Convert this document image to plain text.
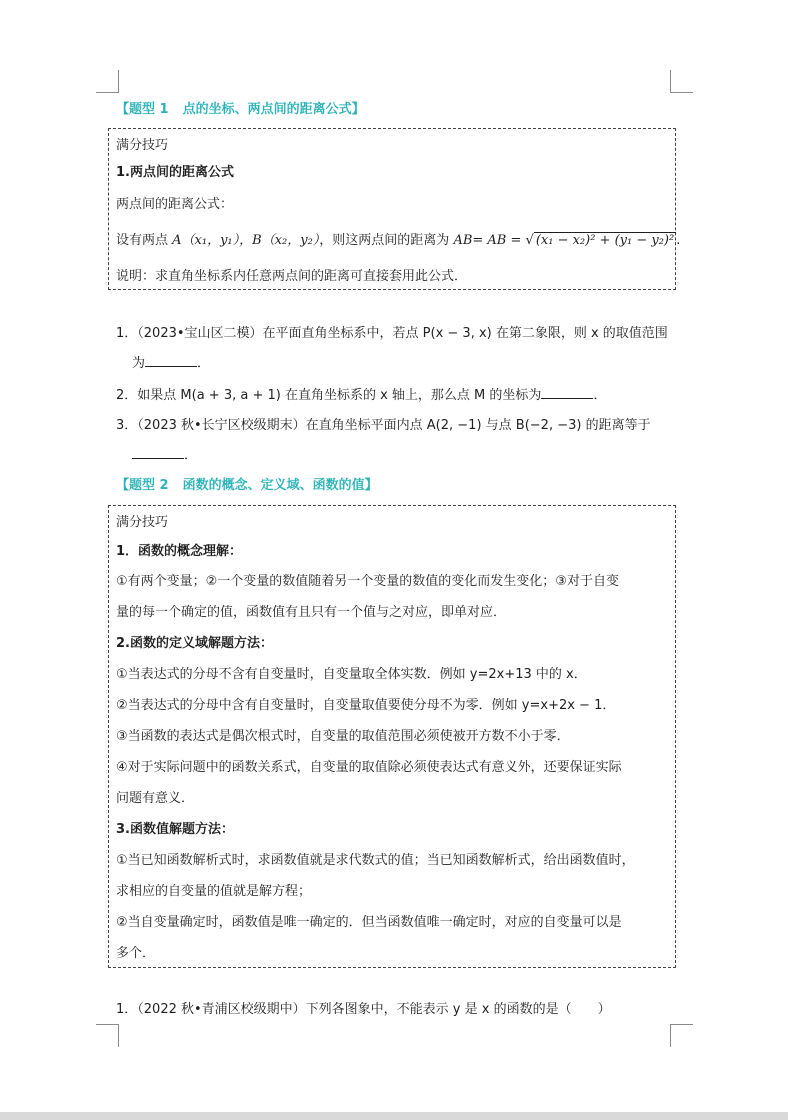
【题型 1 点的坐标、两点间的距离公式】
满分技巧
1.两点间的距离公式
两点间的距离公式：
设有两点 A（x₁，y₁），B（x₂，y₂），则这两点间的距离为 AB= AB = √ (x₁ − x₂)² + (y₁ − y₂)² .
说明：求直角坐标系内任意两点间的距离可直接套用此公式．
1．（2023•宝山区二模）在平面直角坐标系中，若点 P(x − 3, x) 在第二象限，则 x 的取值范围
为	．
2．如果点 M(a + 3, a + 1) 在直角坐标系的 x 轴上，那么点 M 的坐标为	．
3．（2023 秋•长宁区校级期末）在直角坐标平面内点 A(2, −1) 与点 B(−2, −3) 的距离等于
．
【题型 2 函数的概念、定义域、函数的值】
满分技巧
1．函数的概念理解：
①有两个变量；②一个变量的数值随着另一个变量的数值的变化而发生变化；③对于自变
量的每一个确定的值，函数值有且只有一个值与之对应，即单对应．
2.函数的定义域解题方法：
①当表达式的分母不含有自变量时，自变量取全体实数．例如 y=2x+13 中的 x．
②当表达式的分母中含有自变量时，自变量取值要使分母不为零．例如 y=x+2x − 1．
③当函数的表达式是偶次根式时，自变量的取值范围必须使被开方数不小于零．
④对于实际问题中的函数关系式，自变量的取值除必须使表达式有意义外，还要保证实际
问题有意义．
3.函数值解题方法：
①当已知函数解析式时，求函数值就是求代数式的值；当已知函数解析式，给出函数值时，
求相应的自变量的值就是解方程；
②当自变量确定时，函数值是唯一确定的．但当函数值唯一确定时，对应的自变量可以是
多个．
1．（2022 秋•青浦区校级期中）下列各图象中，不能表示 y 是 x 的函数的是（　　）
